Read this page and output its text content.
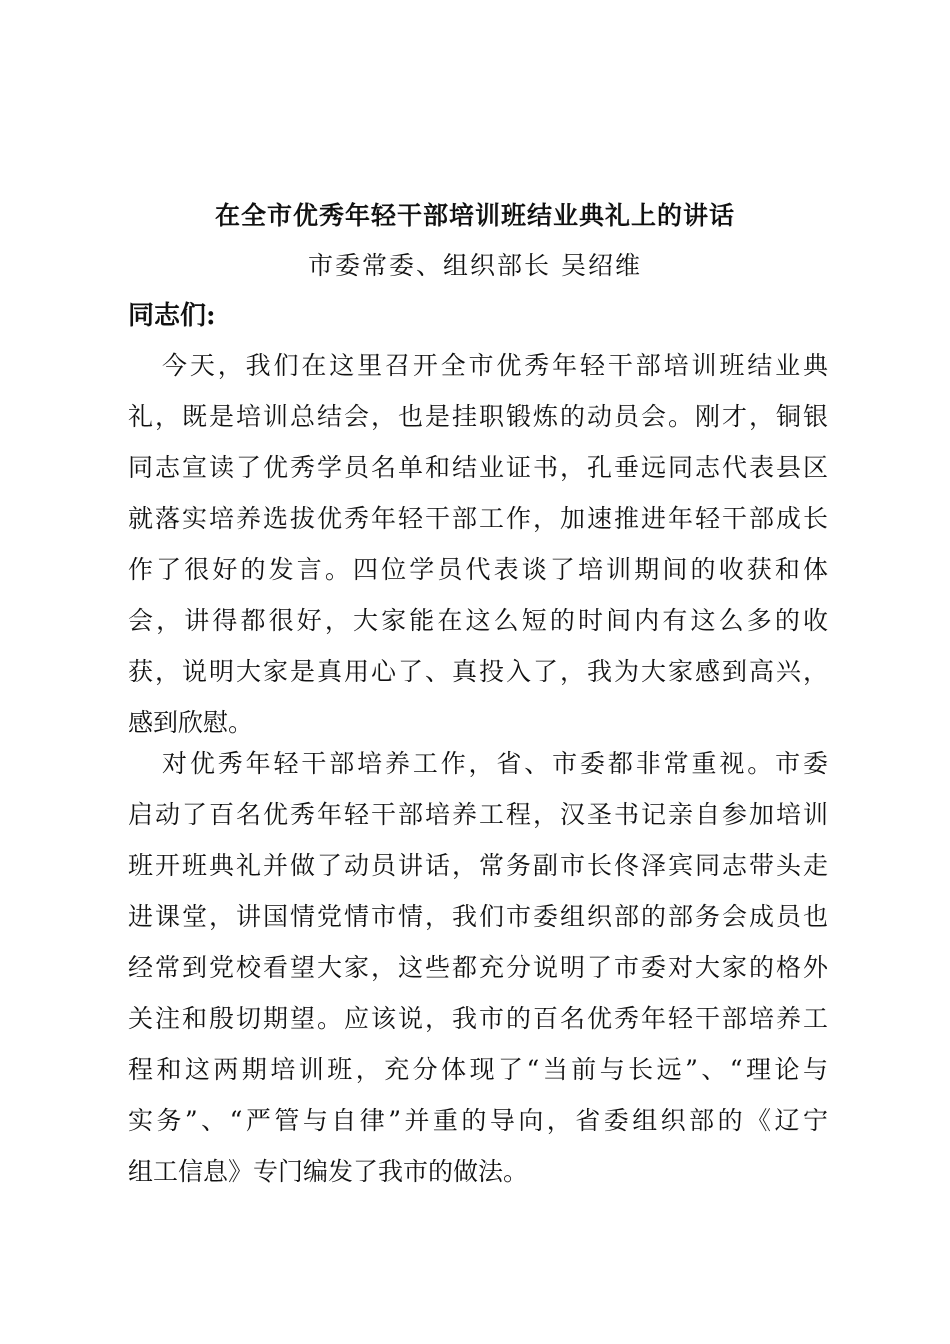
在全市优秀年轻干部培训班结业典礼上的讲话
市委常委、组织部长 吴绍维
同志们:
今天，我们在这里召开全市优秀年轻干部培训班结业典
礼，既是培训总结会，也是挂职锻炼的动员会。刚才，铜银
同志宣读了优秀学员名单和结业证书，孔垂远同志代表县区
就落实培养选拔优秀年轻干部工作，加速推进年轻干部成长
作了很好的发言。四位学员代表谈了培训期间的收获和体
会，讲得都很好，大家能在这么短的时间内有这么多的收
获，说明大家是真用心了、真投入了，我为大家感到高兴，
感到欣慰。
对优秀年轻干部培养工作，省、市委都非常重视。市委
启动了百名优秀年轻干部培养工程，汉圣书记亲自参加培训
班开班典礼并做了动员讲话，常务副市长佟泽宾同志带头走
进课堂，讲国情党情市情，我们市委组织部的部务会成员也
经常到党校看望大家，这些都充分说明了市委对大家的格外
关注和殷切期望。应该说，我市的百名优秀年轻干部培养工
程和这两期培训班，充分体现了“当前与长远”、“理论与
实务”、“严管与自律”并重的导向，省委组织部的《辽宁
组工信息》专门编发了我市的做法。
